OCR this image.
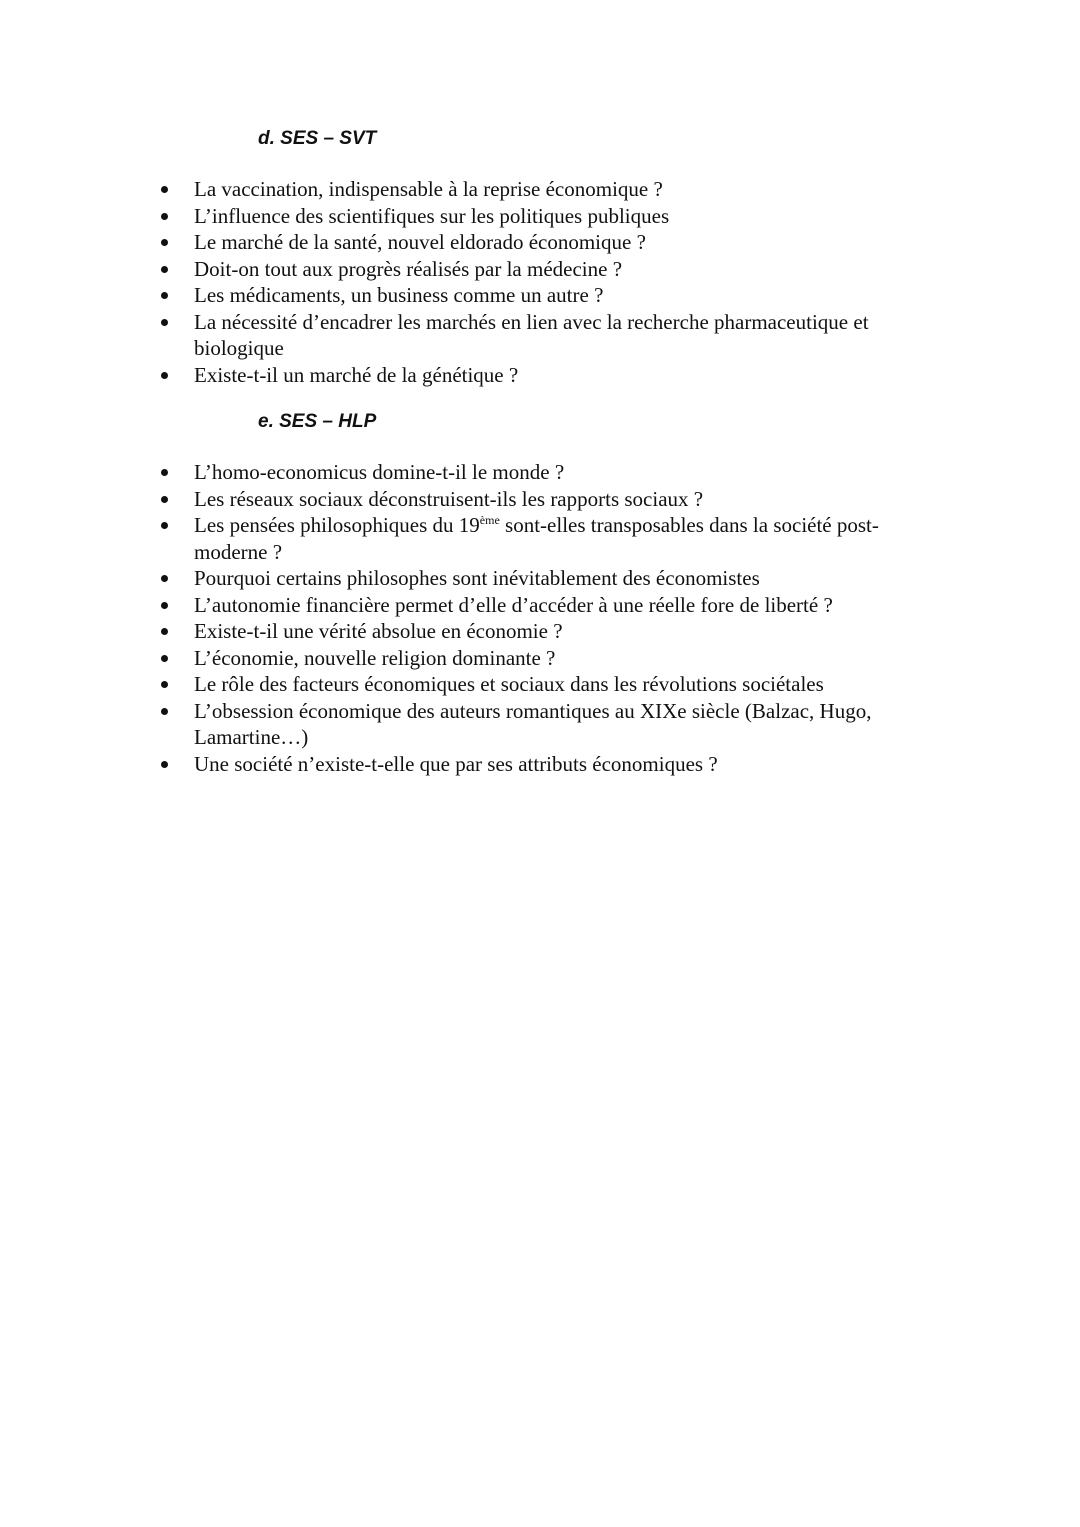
d. SES – SVT
La vaccination, indispensable à la reprise économique ?
L’influence des scientifiques sur les politiques publiques
Le marché de la santé, nouvel eldorado économique ?
Doit-on tout aux progrès réalisés par la médecine ?
Les médicaments, un business comme un autre ?
La nécessité d’encadrer les marchés en lien avec la recherche pharmaceutique et
biologique
Existe-t-il un marché de la génétique ?
e. SES – HLP
L’homo-economicus domine-t-il le monde ?
Les réseaux sociaux déconstruisent-ils les rapports sociaux ?
Les pensées philosophiques du 19ème sont-elles transposables dans la société post-
moderne ?
Pourquoi certains philosophes sont inévitablement des économistes
L’autonomie financière permet d’elle d’accéder à une réelle fore de liberté ?
Existe-t-il une vérité absolue en économie ?
L’économie, nouvelle religion dominante ?
Le rôle des facteurs économiques et sociaux dans les révolutions sociétales
L’obsession économique des auteurs romantiques au XIXe siècle (Balzac, Hugo,
Lamartine…)
Une société n’existe-t-elle que par ses attributs économiques ?
